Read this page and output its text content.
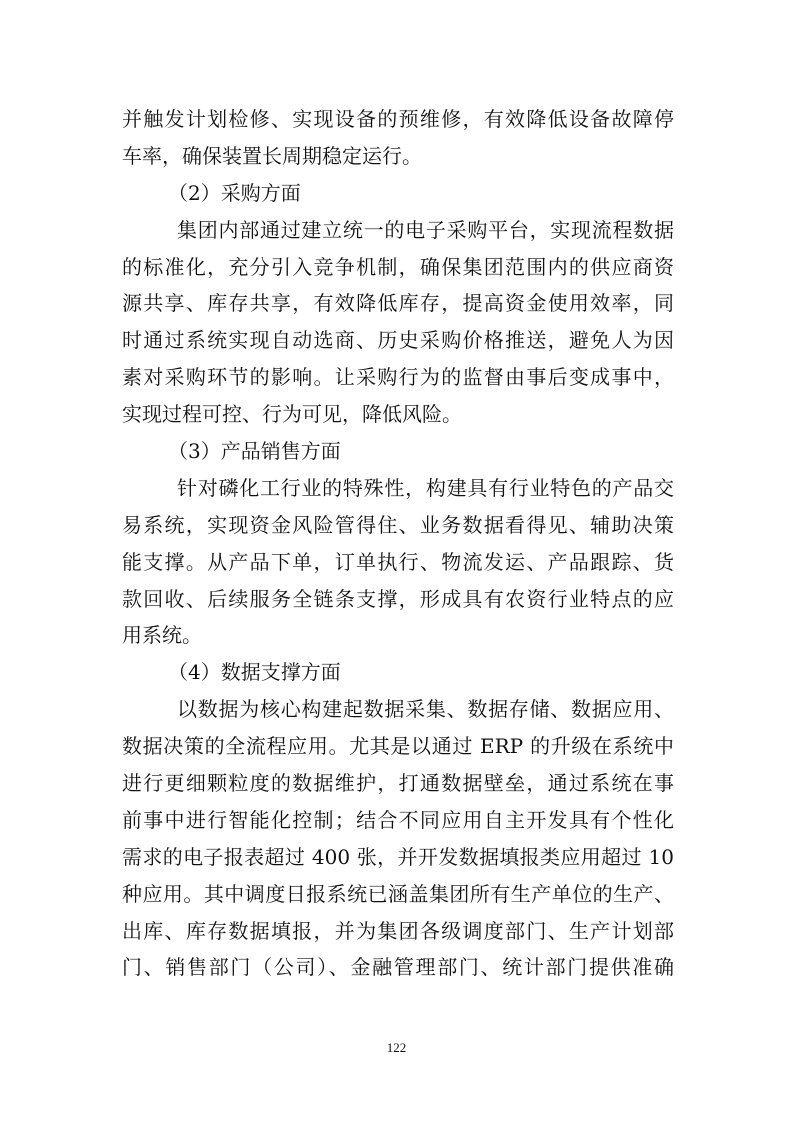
并触发计划检修、实现设备的预维修，有效降低设备故障停
车率，确保装置长周期稳定运行。
（2）采购方面
集团内部通过建立统一的电子采购平台，实现流程数据
的标准化，充分引入竞争机制，确保集团范围内的供应商资
源共享、库存共享，有效降低库存，提高资金使用效率，同
时通过系统实现自动选商、历史采购价格推送，避免人为因
素对采购环节的影响。让采购行为的监督由事后变成事中，
实现过程可控、行为可见，降低风险。
（3）产品销售方面
针对磷化工行业的特殊性，构建具有行业特色的产品交
易系统，实现资金风险管得住、业务数据看得见、辅助决策
能支撑。从产品下单，订单执行、物流发运、产品跟踪、货
款回收、后续服务全链条支撑，形成具有农资行业特点的应
用系统。
（4）数据支撑方面
以数据为核心构建起数据采集、数据存储、数据应用、
数据决策的全流程应用。尤其是以通过 ERP 的升级在系统中
进行更细颗粒度的数据维护，打通数据壁垒，通过系统在事
前事中进行智能化控制；结合不同应用自主开发具有个性化
需求的电子报表超过 400 张，并开发数据填报类应用超过 10
种应用。其中调度日报系统已涵盖集团所有生产单位的生产、
出库、库存数据填报，并为集团各级调度部门、生产计划部
门、销售部门（公司）、金融管理部门、统计部门提供准确
122
